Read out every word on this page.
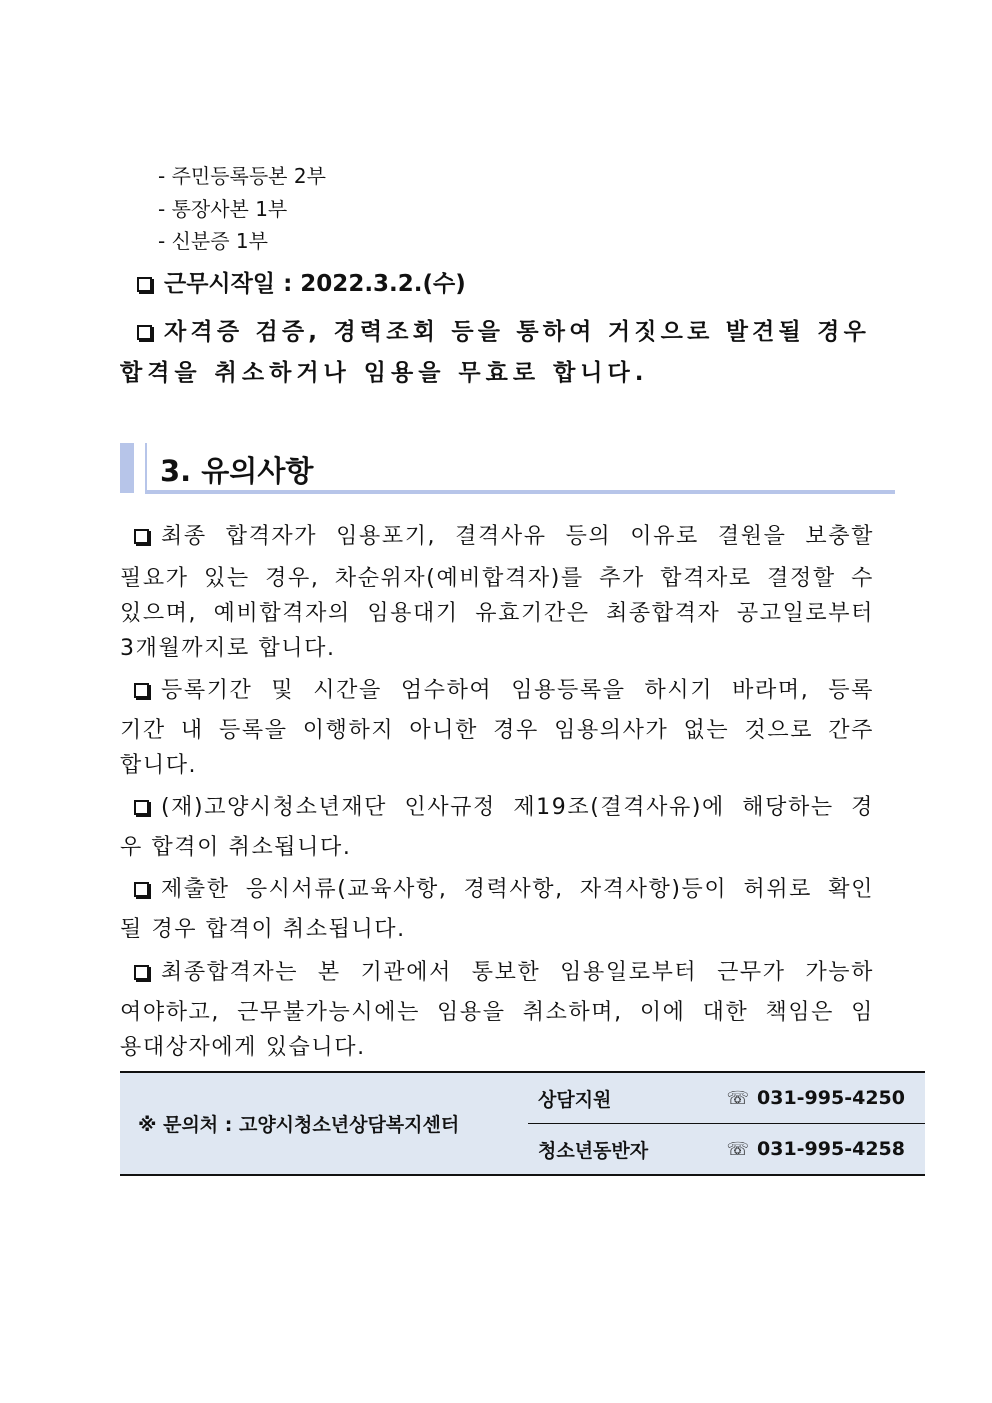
- 주민등록등본 2부
- 통장사본 1부
- 신분증 1부
근무시작일 : 2022.3.2.(수)
자격증 검증, 경력조회 등을 통하여 거짓으로 발견될 경우
합격을 취소하거나 임용을 무효로 합니다.
3. 유의사항
최종 합격자가 임용포기, 결격사유 등의 이유로 결원을 보충할
필요가 있는 경우, 차순위자(예비합격자)를 추가 합격자로 결정할 수
있으며, 예비합격자의 임용대기 유효기간은 최종합격자 공고일로부터
3개월까지로 합니다.
등록기간 및 시간을 엄수하여 임용등록을 하시기 바라며, 등록
기간 내 등록을 이행하지 아니한 경우 임용의사가 없는 것으로 간주
합니다.
(재)고양시청소년재단 인사규정 제19조(결격사유)에 해당하는 경
우 합격이 취소됩니다.
제출한 응시서류(교육사항, 경력사항, 자격사항)등이 허위로 확인
될 경우 합격이 취소됩니다.
최종합격자는 본 기관에서 통보한 임용일로부터 근무가 가능하
여야하고, 근무불가능시에는 임용을 취소하며, 이에 대한 책임은 임
용대상자에게 있습니다.
※ 문의처 : 고양시청소년상담복지센터	상담지원	☏ 031-995-4250
	청소년동반자	☏ 031-995-4258
